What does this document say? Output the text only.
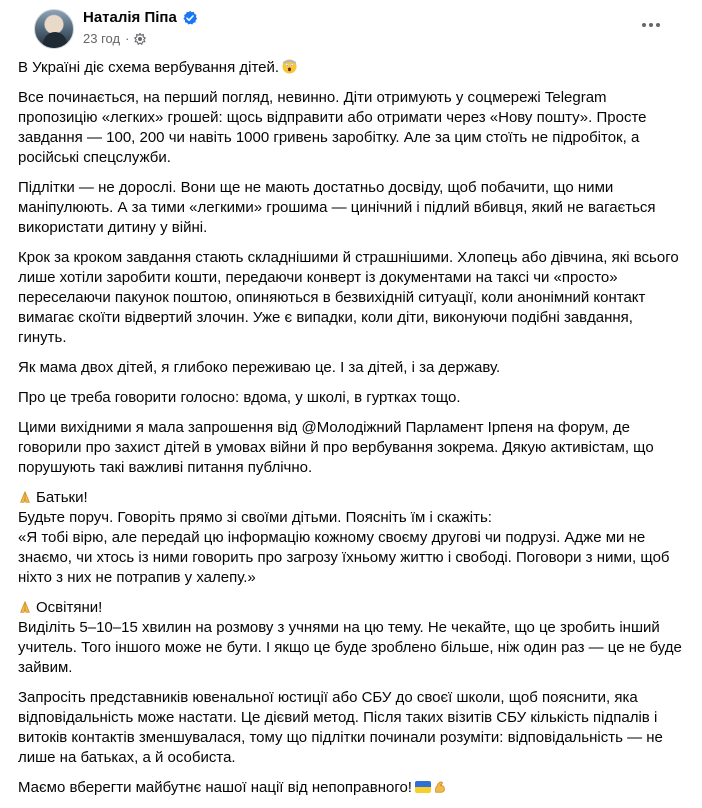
Наталія Піпа
23 год ·

В Україні діє схема вербування дітей.

Все починається, на перший погляд, невинно. Діти отримують у соцмережі Telegram пропозицію «легких» грошей: щось відправити або отримати через «Нову пошту». Просте завдання — 100, 200 чи навіть 1000 гривень заробітку. Але за цим стоїть не підробіток, а російські спецслужби.

Підлітки — не дорослі. Вони ще не мають достатньо досвіду, щоб побачити, що ними маніпулюють. А за тими «легкими» грошима — цинічний і підлий вбивця, який не вагається використати дитину у війні.

Крок за кроком завдання стають складнішими й страшнішими. Хлопець або дівчина, які всього лише хотіли заробити кошти, передаючи конверт із документами на таксі чи «просто» переселаючи пакунок поштою, опиняються в безвихідній ситуації, коли анонімний контакт вимагає скоїти відвертий злочин. Уже є випадки, коли діти, виконуючи подібні завдання, гинуть.

Як мама двох дітей, я глибоко переживаю це. І за дітей, і за державу.

Про це треба говорити голосно: вдома, у школі, в гуртках тощо.

Цими вихідними я мала запрошення від @Молодіжний Парламент Ірпеня на форум, де говорили про захист дітей в умовах війни й про вербування зокрема. Дякую активістам, що порушують такі важливі питання публічно.

Батьки!
Будьте поруч. Говоріть прямо зі своїми дітьми. Поясніть їм і скажіть:
«Я тобі вірю, але передай цю інформацію кожному своєму другові чи подрузі. Адже ми не знаємо, чи хтось із ними говорить про загрозу їхньому життю і свободі. Поговори з ними, щоб ніхто з них не потрапив у халепу.»

Освітяни!
Виділіть 5–10–15 хвилин на розмову з учнями на цю тему. Не чекайте, що це зробить інший учитель. Того іншого може не бути. І якщо це буде зроблено більше, ніж один раз — це не буде зайвим.

Запросіть представників ювенальної юстиції або СБУ до своєї школи, щоб пояснити, яка відповідальність може настати. Це дієвий метод. Після таких візитів СБУ кількість підпалів і витоків контактів зменшувалася, тому що підлітки починали розуміти: відповідальність — не лише на батьках, а й особиста.

Маємо вберегти майбутнє нашої нації від непоправного!
